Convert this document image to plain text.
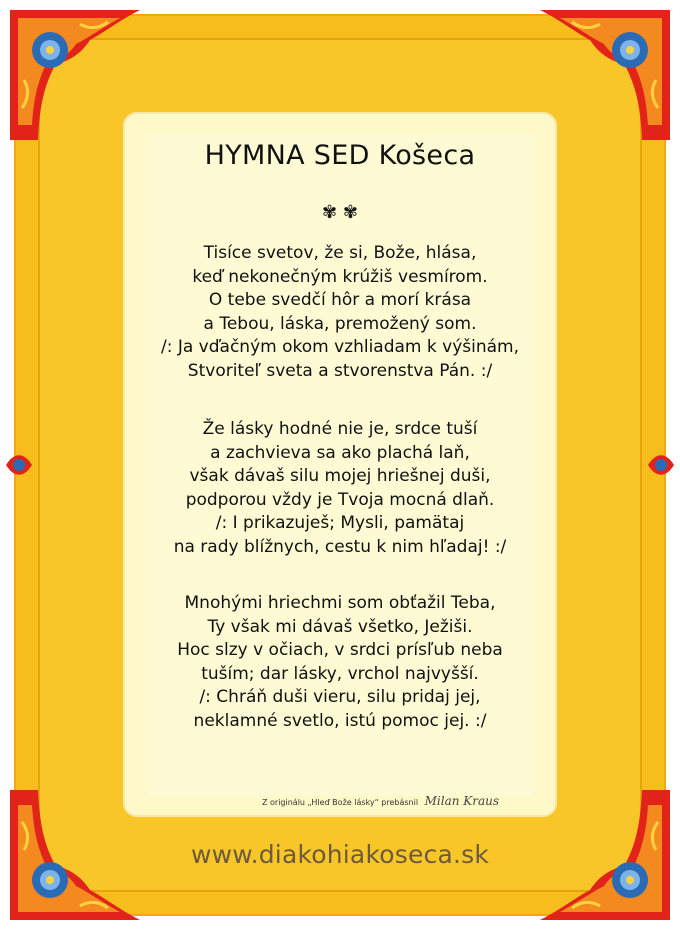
HYMNA SED Košeca
✾ ✾
Tisíce svetov, že si, Bože, hlása,
keď nekonečným krúžiš vesmírom.
O tebe svedčí hôr a morí krása
a Tebou, láska, premožený som.
/: Ja vďačným okom vzhliadam k výšinám,
Stvoriteľ sveta a stvorenstva Pán. :/
Že lásky hodné nie je, srdce tuší
a zachvieva sa ako plachá laň,
však dávaš silu mojej hriešnej duši,
podporou vždy je Tvoja mocná dlaň.
/: I prikazuješ; Mysli, pamätaj
na rady blížnych, cestu k nim hľadaj! :/
Mnohými hriechmi som obťažil Teba,
Ty však mi dávaš všetko, Ježiši.
Hoc slzy v očiach, v srdci prísľub neba
tuším; dar lásky, vrchol najvyšší.
/: Chráň duši vieru, silu pridaj jej,
neklamné svetlo, istú pomoc jej. :/
Z originálu „Hleď Bože lásky“ prebásnil Milan Kraus
www.diakohiakoseca.sk
